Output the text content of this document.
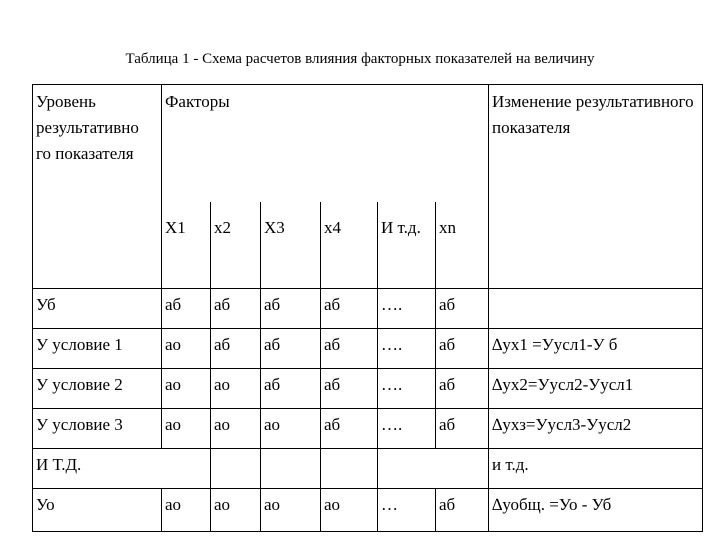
Таблица 1 - Схема расчетов влияния факторных показателей на величину
Уровень результативно го показателя	Факторы						Изменение результативного показателя
	Х1	х2	Х3	х4	И т.д.	хn	
Уб	аб	аб	аб	аб	….	аб	
У условие 1	ао	аб	аб	аб	….	аб	∆ух1 =Уусл1-У б
У условие 2	ао	ао	аб	аб	….	аб	∆ух2=Уусл2-Уусл1
У условие 3	ао	ао	ао	аб	….	аб	∆ухз=Уусл3-Уусл2
И Т.Д.							и т.д.
Уо	ао	ао	ао	ао	…	аб	∆уобщ. =Уо - Уб
